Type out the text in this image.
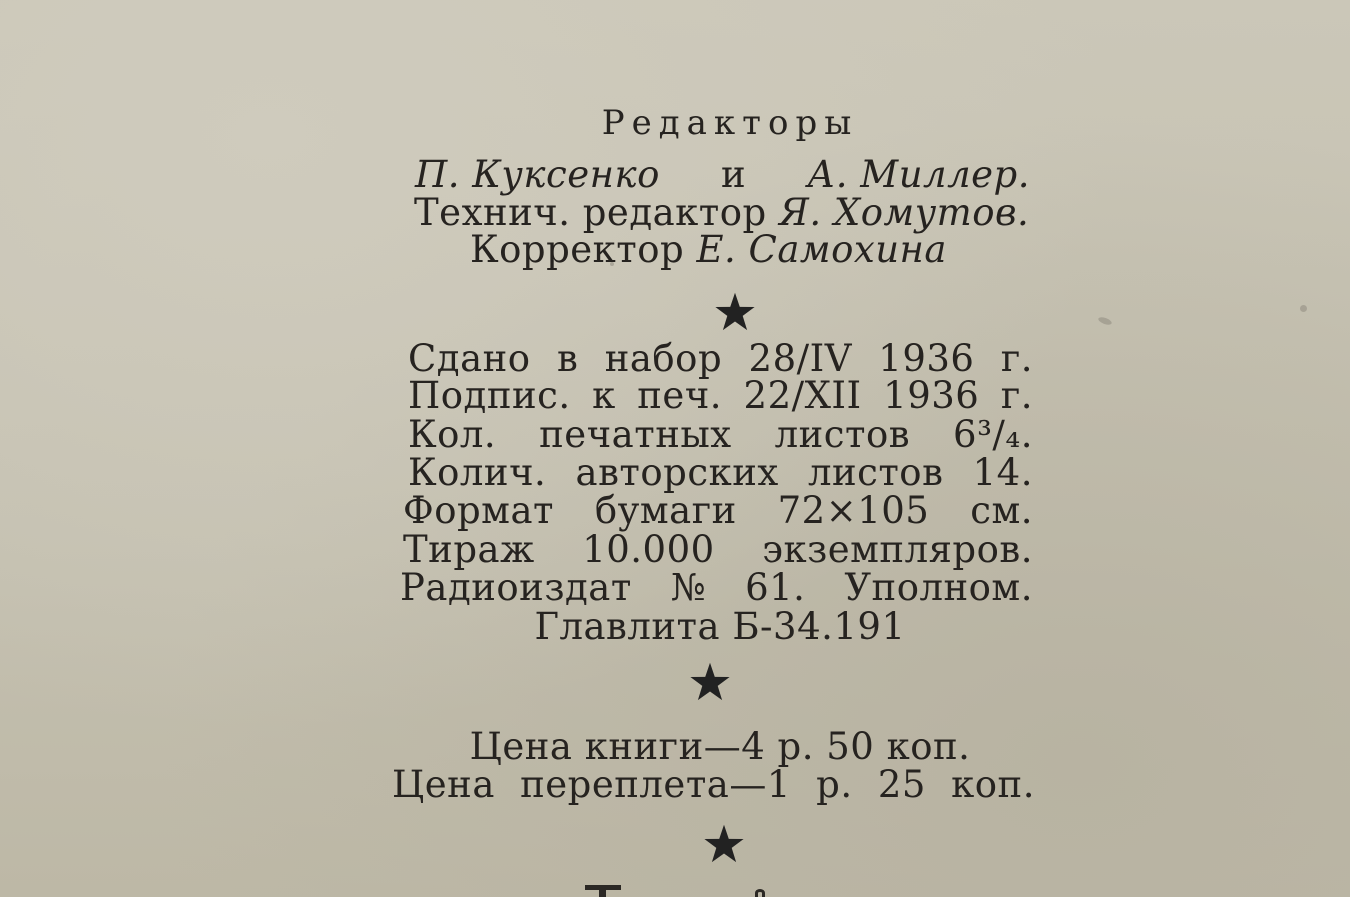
Редакторы
П. Куксенко и А. Миллер.
Технич. редактор Я. Хомутов.
Корректор Е. Самохина
Сдано в набор 28/IV 1936 г.
Подпис. к печ. 22/XII 1936 г.
Кол. печатных листов 6³/₄.
Колич. авторских листов 14.
Формат бумаги 72×105 см.
Тираж 10.000 экземпляров.
Радиоиздат № 61. Уполном.
Главлита Б-34.191
Цена книги—4 р. 50 коп.
Цена переплета—1 р. 25 коп.
